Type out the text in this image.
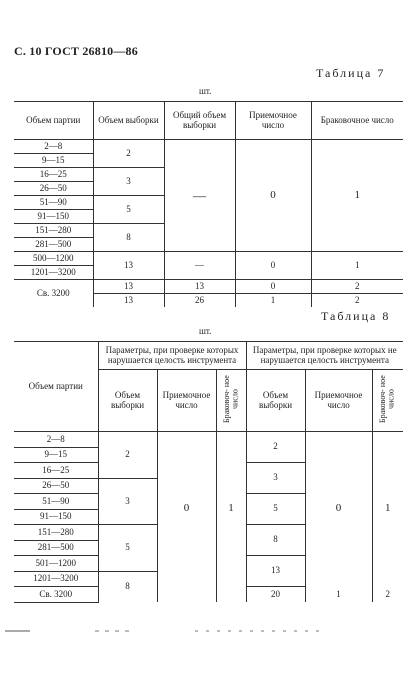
С. 10 ГОСТ 26810—86
Таблица 7
шт.
Объем партии	Объем выборки	Общий объем выборки	Приемочное число	Браковочное число
2—8	2	—	0	1
9—15				
16—25	3			
26—50				
51—90	5			
91—150				
151—280	8			
281—500				
500—1200	13	—	0	1
1201—3200				
Св. 3200	13	13	0	2
	13	26	1	2
Таблица 8
шт.
Объем партии	Параметры, при проверке которых нарушается целость инструмента			Параметры, при проверке которых не нарушается целость инструмента		
	Объем выборки	Приемочное число	Браковоч- ное число	Объем выборки	Приемочное число	Браковоч- ное число
2—8	2	0	1	2	0	1
9—15						
16—25				3		
26—50	3					
51—90				5		
91—150						
151—280	5			8		
281—500						
501—1200				13		
1201—3200	8					
Св. 3200				20	1	2
